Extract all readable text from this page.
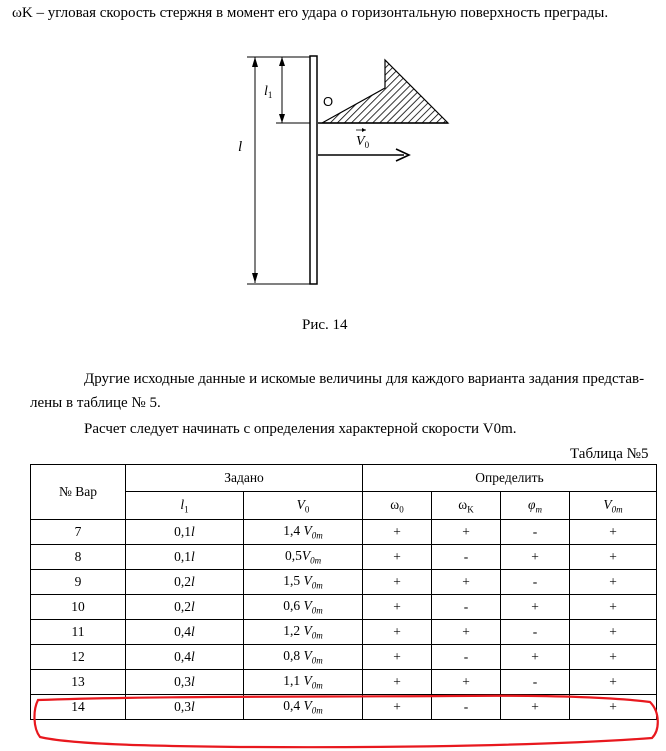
ωK – угловая скорость стержня в момент его удара о горизонтальную поверхность преграды.
$l_1$
l
O
$V_0$
Рис. 14
Другие исходные данные и искомые величины для каждого варианта задания представ-
лены в таблице № 5.
Расчет следует начинать с определения характерной скорости V0m.
Таблица №5
№ Вар	Задано		Определить			
	$l_1$	$V_0$	$\omega_0$	$\omega_K$	$\varphi_m$	$V_{0m}$
7	0,1l	1,4 $V_{0m}$	+	+	-	+
8	0,1l	$0,5V_{0m}$	+	-	+	+
9	0,2l	1,5 $V_{0m}$	+	+	-	+
10	0,2l	0,6 $V_{0m}$	+	-	+	+
11	0,4l	1,2 $V_{0m}$	+	+	-	+
12	0,4l	0,8 $V_{0m}$	+	-	+	+
13	0,3l	1,1 $V_{0m}$	+	+	-	+
14	0,3l	0,4 $V_{0m}$	+	-	+	+
